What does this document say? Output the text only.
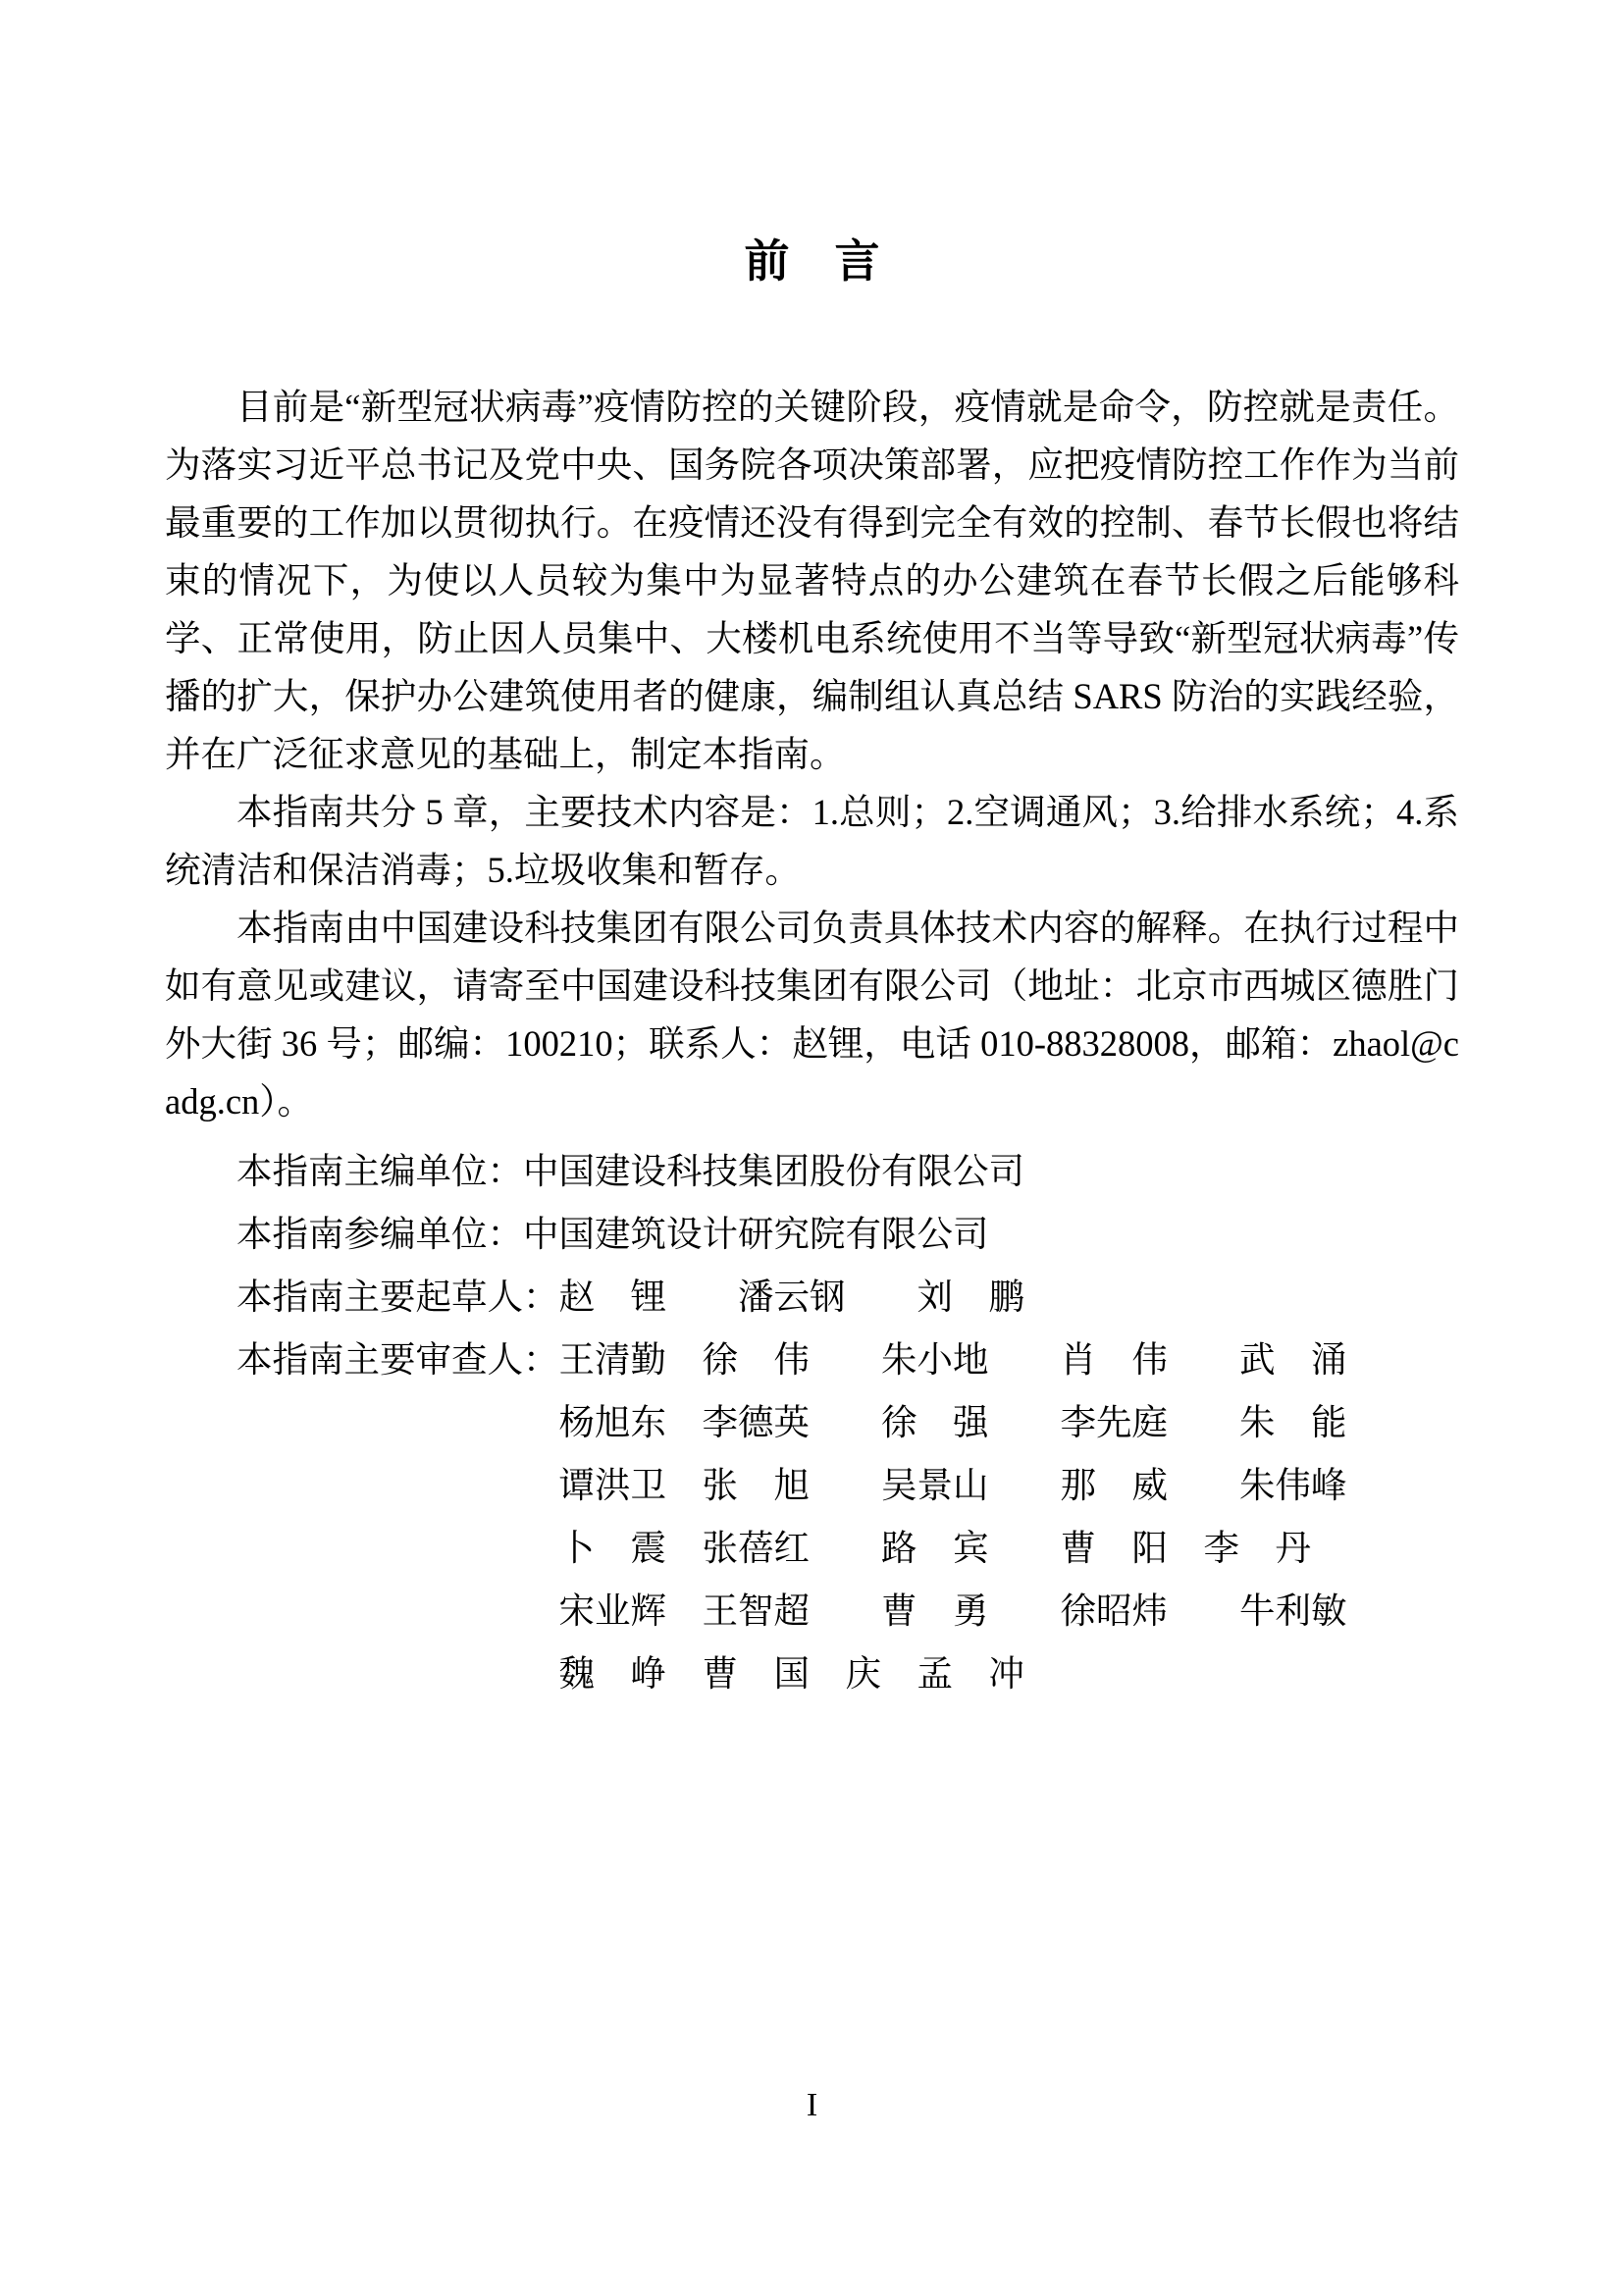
前　言

目前是“新型冠状病毒”疫情防控的关键阶段，疫情就是命令，防控就是责任。为落实习近平总书记及党中央、国务院各项决策部署，应把疫情防控工作作为当前最重要的工作加以贯彻执行。在疫情还没有得到完全有效的控制、春节长假也将结束的情况下，为使以人员较为集中为显著特点的办公建筑在春节长假之后能够科学、正常使用，防止因人员集中、大楼机电系统使用不当等导致“新型冠状病毒”传播的扩大，保护办公建筑使用者的健康，编制组认真总结 SARS 防治的实践经验，并在广泛征求意见的基础上，制定本指南。

本指南共分 5 章，主要技术内容是：1.总则；2.空调通风；3.给排水系统；4.系统清洁和保洁消毒；5.垃圾收集和暂存。

本指南由中国建设科技集团有限公司负责具体技术内容的解释。在执行过程中如有意见或建议，请寄至中国建设科技集团有限公司（地址：北京市西城区德胜门外大街 36 号；邮编：100210；联系人：赵锂，电话 010-88328008，邮箱：zhaol@cadg.cn）。

本指南主编单位：中国建设科技集团股份有限公司
本指南参编单位：中国建筑设计研究院有限公司
本指南主要起草人：赵　锂　　潘云钢　　刘　鹏
本指南主要审查人：王清勤　徐　伟　　朱小地　　肖　伟　　武　涌
杨旭东　李德英　　徐　强　　李先庭　　朱　能
谭洪卫　张　旭　　吴景山　　那　威　　朱伟峰
卜　震　张蓓红　　路　宾　　曹　阳　李　丹
宋业辉　王智超　　曹　勇　　徐昭炜　　牛利敏
魏　峥　曹　国　庆　孟　冲
I
